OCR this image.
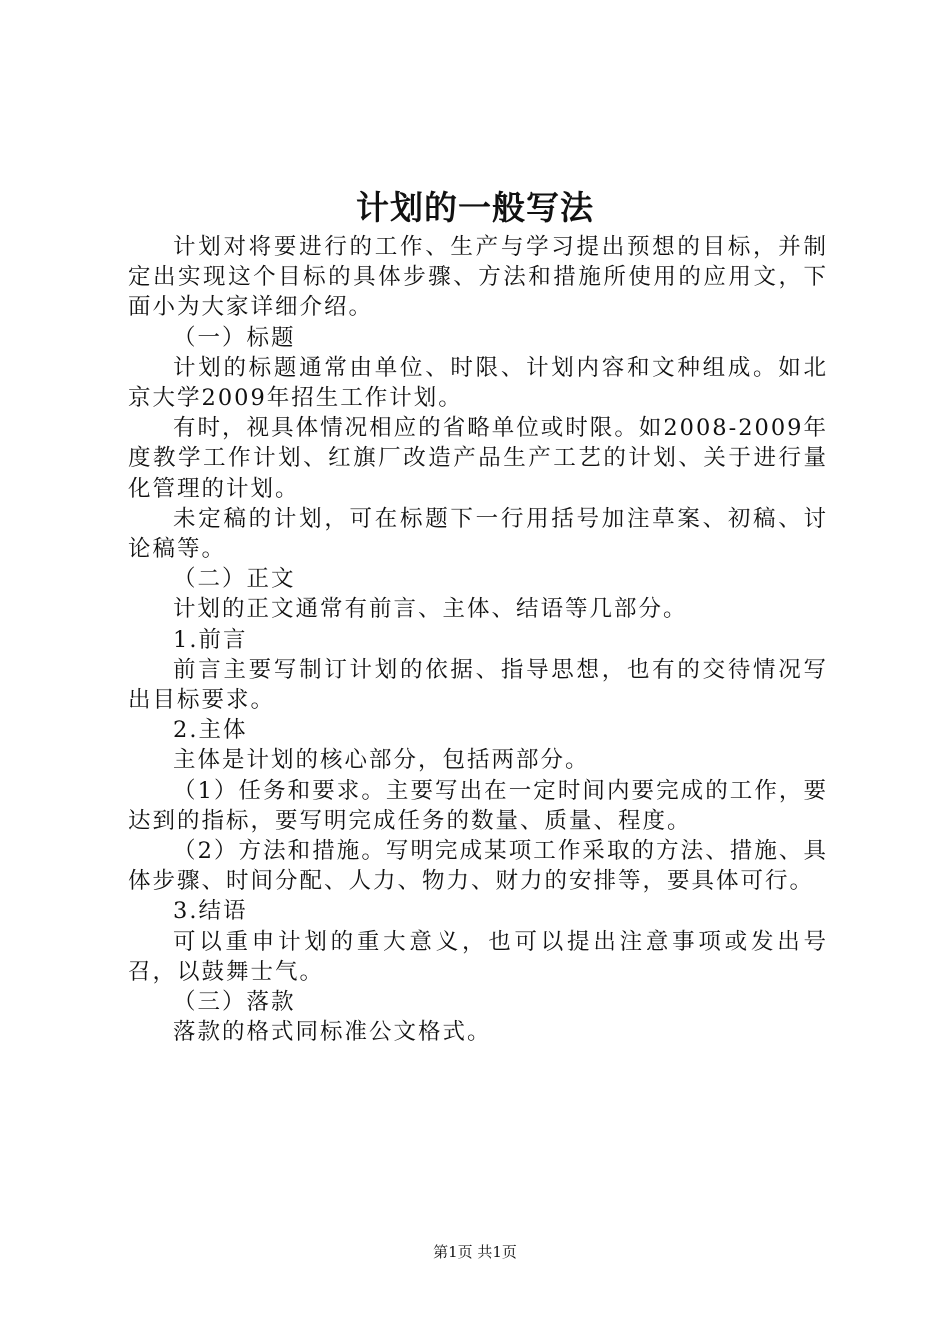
计划的一般写法

计划对将要进行的工作、生产与学习提出预想的目标，并制定出实现这个目标的具体步骤、方法和措施所使用的应用文，下面小为大家详细介绍。

（一）标题

计划的标题通常由单位、时限、计划内容和文种组成。如北京大学2009年招生工作计划。

有时，视具体情况相应的省略单位或时限。如2008-2009年度教学工作计划、红旗厂改造产品生产工艺的计划、关于进行量化管理的计划。

未定稿的计划，可在标题下一行用括号加注草案、初稿、讨论稿等。

（二）正文

计划的正文通常有前言、主体、结语等几部分。

1.前言

前言主要写制订计划的依据、指导思想，也有的交待情况写出目标要求。

2.主体

主体是计划的核心部分，包括两部分。

（1）任务和要求。主要写出在一定时间内要完成的工作，要达到的指标，要写明完成任务的数量、质量、程度。

（2）方法和措施。写明完成某项工作采取的方法、措施、具体步骤、时间分配、人力、物力、财力的安排等，要具体可行。

3.结语

可以重申计划的重大意义，也可以提出注意事项或发出号召，以鼓舞士气。

（三）落款

落款的格式同标准公文格式。

第1页 共1页
